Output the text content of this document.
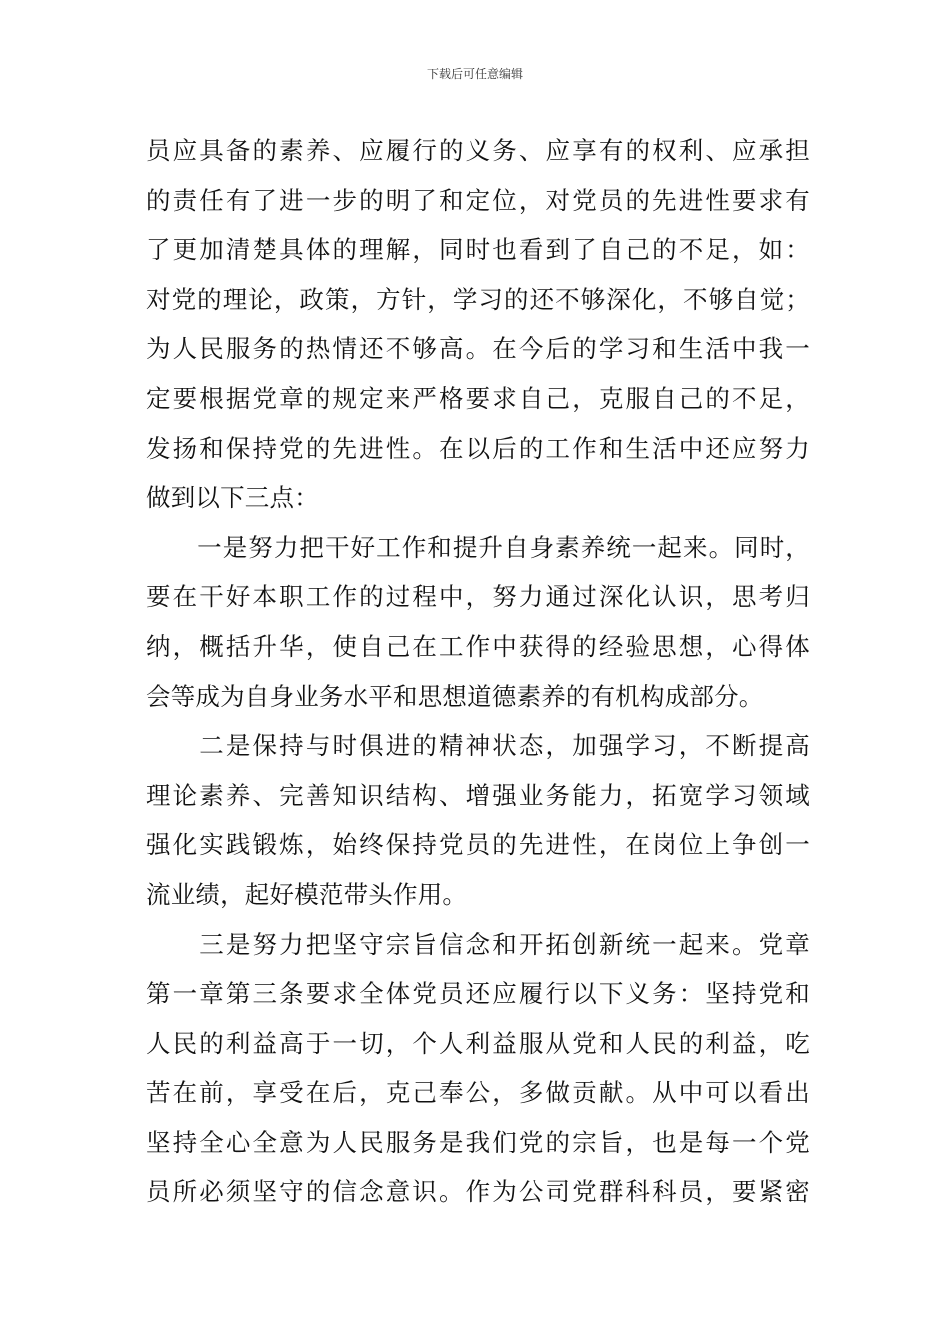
下载后可任意编辑
员应具备的素养、应履行的义务、应享有的权利、应承担
的责任有了进一步的明了和定位，对党员的先进性要求有
了更加清楚具体的理解，同时也看到了自己的不足，如：
对党的理论，政策，方针，学习的还不够深化，不够自觉；
为人民服务的热情还不够高。在今后的学习和生活中我一
定要根据党章的规定来严格要求自己，克服自己的不足，
发扬和保持党的先进性。在以后的工作和生活中还应努力
做到以下三点：
　　一是努力把干好工作和提升自身素养统一起来。同时，
要在干好本职工作的过程中，努力通过深化认识，思考归
纳，概括升华，使自己在工作中获得的经验思想，心得体
会等成为自身业务水平和思想道德素养的有机构成部分。
　　二是保持与时俱进的精神状态，加强学习，不断提高
理论素养、完善知识结构、增强业务能力，拓宽学习领域
强化实践锻炼，始终保持党员的先进性，在岗位上争创一
流业绩，起好模范带头作用。
　　三是努力把坚守宗旨信念和开拓创新统一起来。党章
第一章第三条要求全体党员还应履行以下义务：坚持党和
人民的利益高于一切，个人利益服从党和人民的利益，吃
苦在前，享受在后，克己奉公，多做贡献。从中可以看出
坚持全心全意为人民服务是我们党的宗旨，也是每一个党
员所必须坚守的信念意识。作为公司党群科科员，要紧密
